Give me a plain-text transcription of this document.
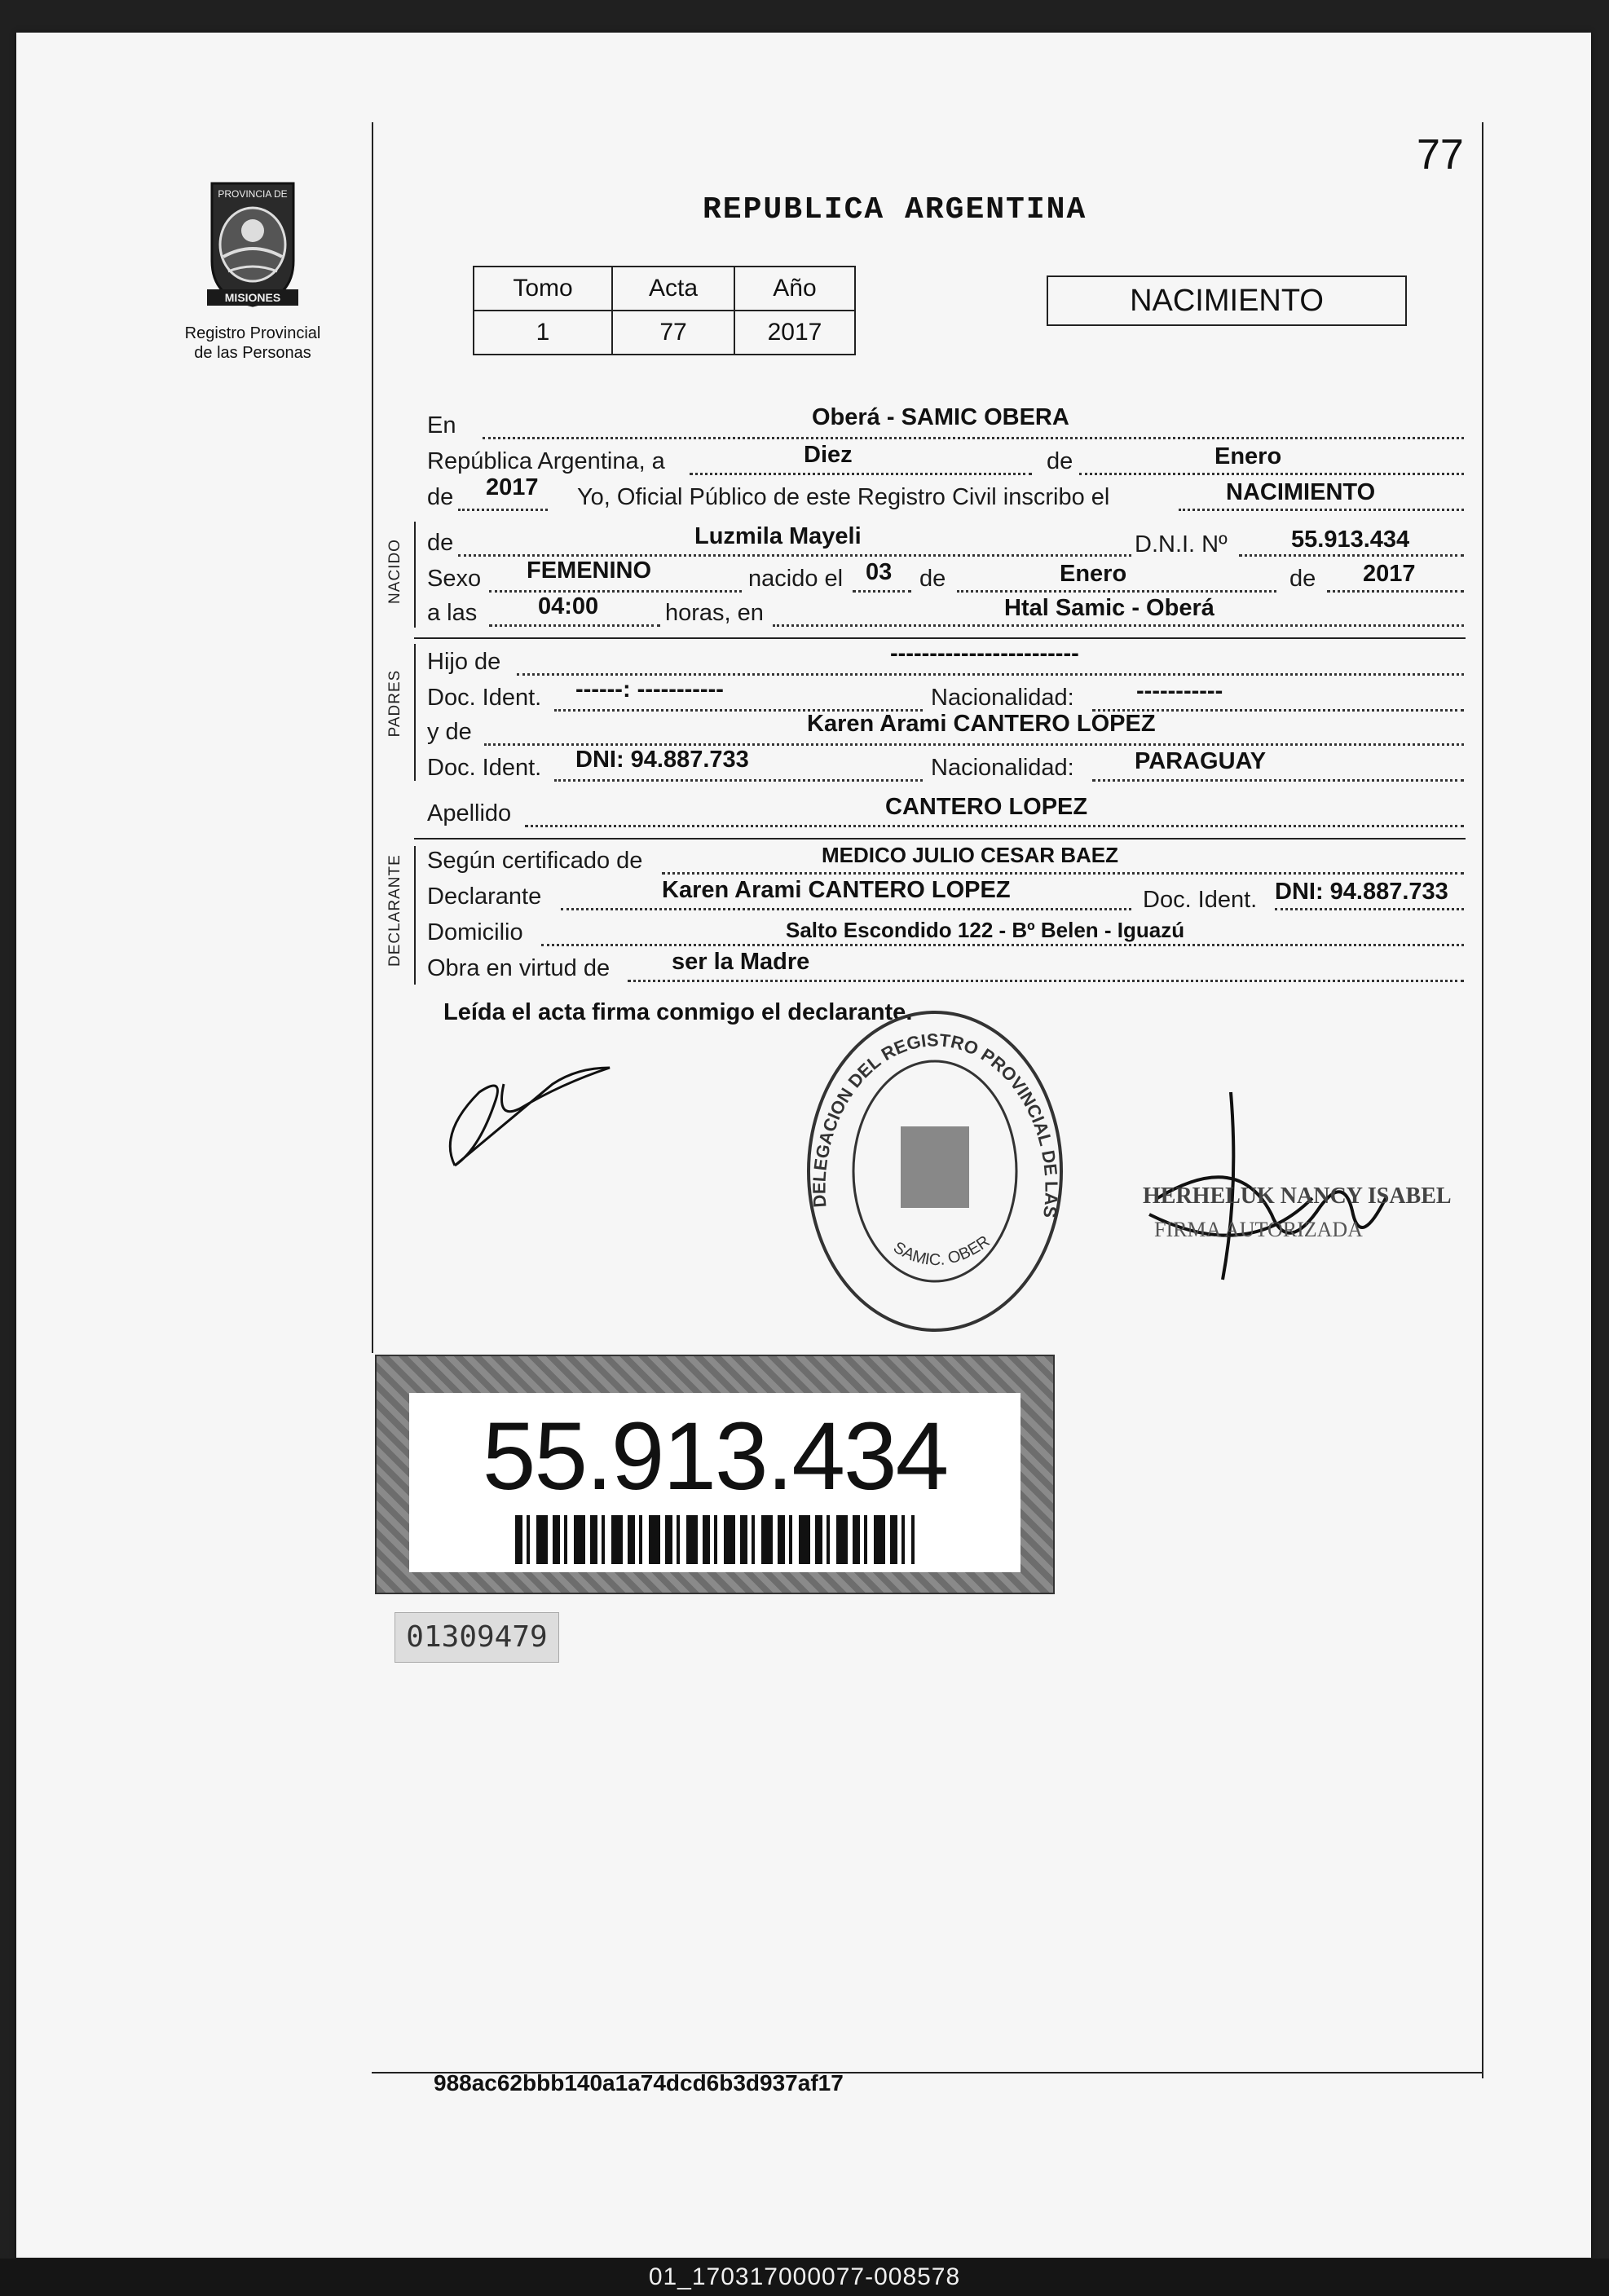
77
REPUBLICA ARGENTINA
PROVINCIA DE
MISIONES
Registro Provincial
de las Personas
Tomo	Acta	Año
1	77	2017
NACIMIENTO
En	Oberá - SAMIC OBERA
República Argentina, a	Diez	de	Enero
de 2017 Yo, Oficial Público de este Registro Civil inscribo el	NACIMIENTO
NACIDO de	Luzmila Mayeli	D.N.I. Nº	55.913.434
Sexo FEMENINO	nacido el 03 de	Enero	de 2017
a las	04:00	horas, en	Htal Samic - Oberá
PADRES
Hijo de	------------------------
Doc. Ident. ------: -----------	Nacionalidad:	-----------
y de	Karen Arami CANTERO LOPEZ
Doc. Ident. DNI: 94.887.733	Nacionalidad:	PARAGUAY
Apellido	CANTERO LOPEZ
DECLARANTE Según certificado de	MEDICO JULIO CESAR BAEZ
Declarante	Karen Arami CANTERO LOPEZ	Doc. Ident. DNI: 94.887.733
Domicilio	Salto Escondido 122 - Bº Belen - Iguazú
Obra en virtud de	ser la Madre
Leída el acta firma conmigo el declarante.
DELEGACION DEL REGISTRO PROVINCIAL DE LAS
SAMIC. OBER
HERHELUK NANCY ISABEL
FIRMA AUTORIZADA
55.913.434
01309479
988ac62bbb140a1a74dcd6b3d937af17
01_170317000077-008578
